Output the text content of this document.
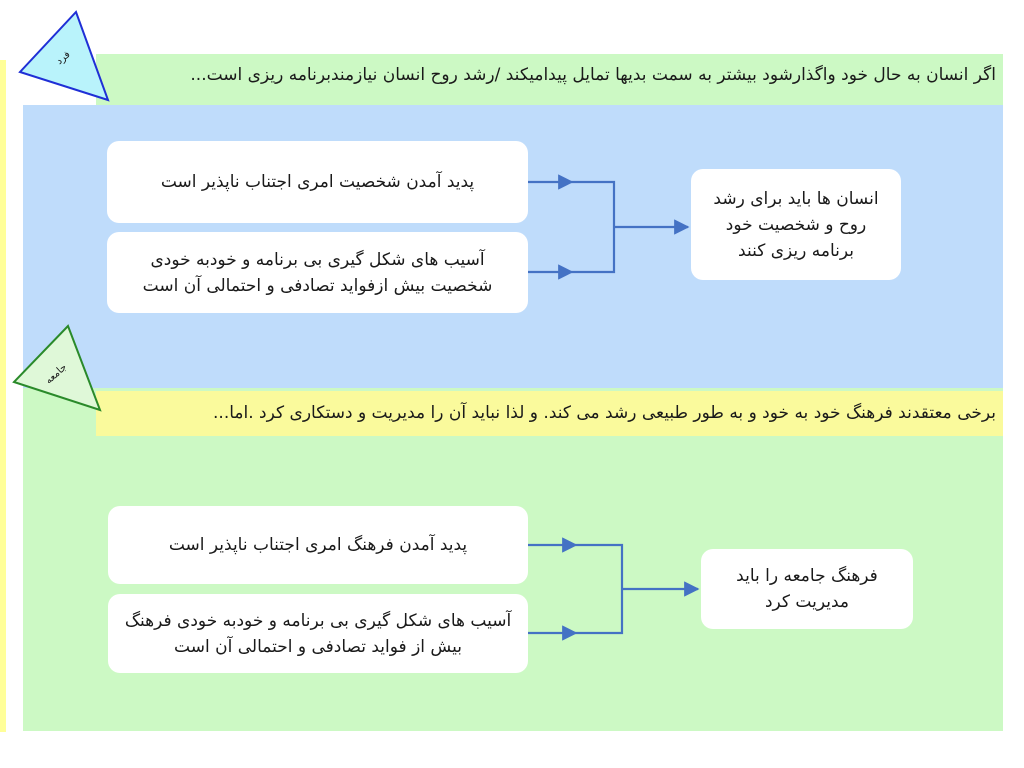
اگر انسان به حال خود واگذارشود بیشتر به سمت بدیها تمایل پیدامیکند /رشد روح انسان نیازمندبرنامه ریزی است...
پدید آمدن شخصیت امری اجتناب ناپذیر است
آسیب های شکل گیری بی برنامه و خودبه خودی شخصیت بیش ازفواید تصادفی و احتمالی آن است
انسان ها باید برای رشد روح و شخصیت خود برنامه ریزی کنند
برخی معتقدند فرهنگ خود به خود و به طور طبیعی رشد می کند. و لذا نباید آن را مدیریت و دستکاری کرد .اما...
پدید آمدن فرهنگ امری اجتناب ناپذیر است
آسیب های شکل گیری بی برنامه و خودبه خودی فرهنگ بیش از فواید تصادفی و احتمالی آن است
فرهنگ جامعه را باید مدیریت کرد
فرد
جامعه
